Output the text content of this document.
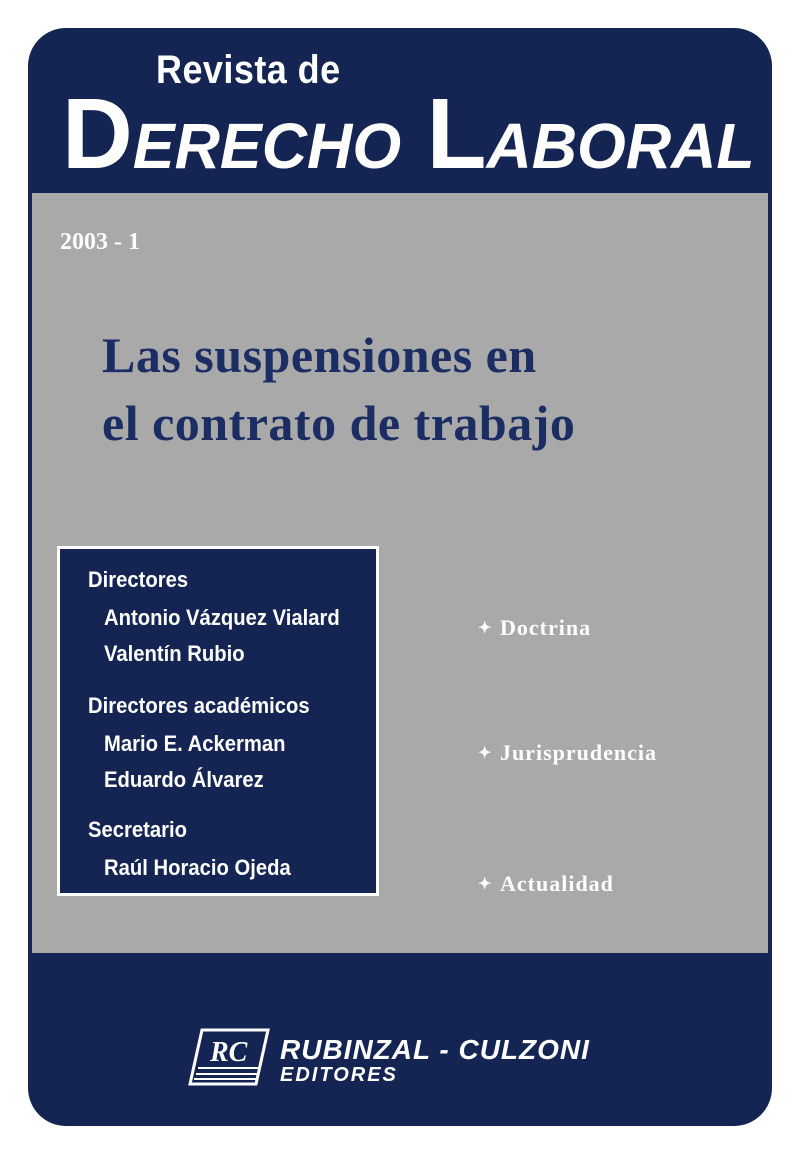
Revista de

DERECHO LABORAL

2003 - 1
Las suspensiones en
el contrato de trabajo

Directores

Antonio Vázquez Vialard

Valentín Rubio

Directores académicos

Mario E. Ackerman

Eduardo Álvarez

Secretario

Raúl Horacio Ojeda

✦ Doctrina
✦ Jurisprudencia
✦ Actualidad
RC RUBINZAL - CULZONI

EDITORES
